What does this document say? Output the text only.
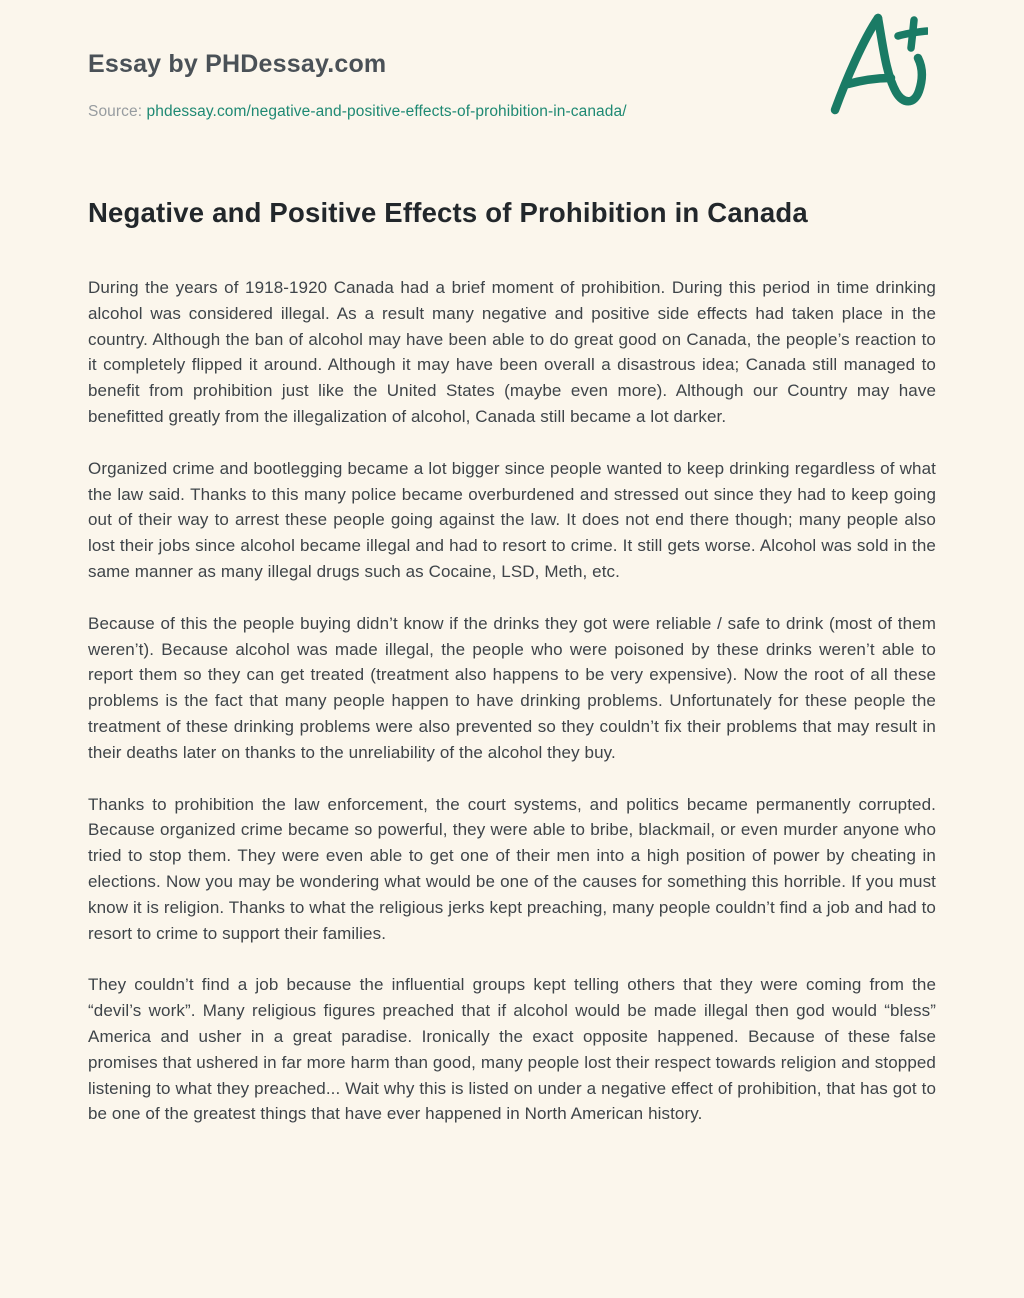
Essay by PHDessay.com
Source: phdessay.com/negative-and-positive-effects-of-prohibition-in-canada/
Negative and Positive Effects of Prohibition in Canada

During the years of 1918-1920 Canada had a brief moment of prohibition. During this period in time drinking alcohol was considered illegal. As a result many negative and positive side effects had taken place in the country. Although the ban of alcohol may have been able to do great good on Canada, the people’s reaction to it completely flipped it around. Although it may have been overall a disastrous idea; Canada still managed to benefit from prohibition just like the United States (maybe even more). Although our Country may have benefitted greatly from the illegalization of alcohol, Canada still became a lot darker.

Organized crime and bootlegging became a lot bigger since people wanted to keep drinking regardless of what the law said. Thanks to this many police became overburdened and stressed out since they had to keep going out of their way to arrest these people going against the law. It does not end there though; many people also lost their jobs since alcohol became illegal and had to resort to crime. It still gets worse. Alcohol was sold in the same manner as many illegal drugs such as Cocaine, LSD, Meth, etc.

Because of this the people buying didn’t know if the drinks they got were reliable / safe to drink (most of them weren’t). Because alcohol was made illegal, the people who were poisoned by these drinks weren’t able to report them so they can get treated (treatment also happens to be very expensive). Now the root of all these problems is the fact that many people happen to have drinking problems. Unfortunately for these people the treatment of these drinking problems were also prevented so they couldn’t fix their problems that may result in their deaths later on thanks to the unreliability of the alcohol they buy.

Thanks to prohibition the law enforcement, the court systems, and politics became permanently corrupted. Because organized crime became so powerful, they were able to bribe, blackmail, or even murder anyone who tried to stop them. They were even able to get one of their men into a high position of power by cheating in elections. Now you may be wondering what would be one of the causes for something this horrible. If you must know it is religion. Thanks to what the religious jerks kept preaching, many people couldn’t find a job and had to resort to crime to support their families.

They couldn’t find a job because the influential groups kept telling others that they were coming from the “devil’s work”. Many religious figures preached that if alcohol would be made illegal then god would “bless” America and usher in a great paradise. Ironically the exact opposite happened. Because of these false promises that ushered in far more harm than good, many people lost their respect towards religion and stopped listening to what they preached... Wait why this is listed on under a negative effect of prohibition, that has got to be one of the greatest things that have ever happened in North American history.
